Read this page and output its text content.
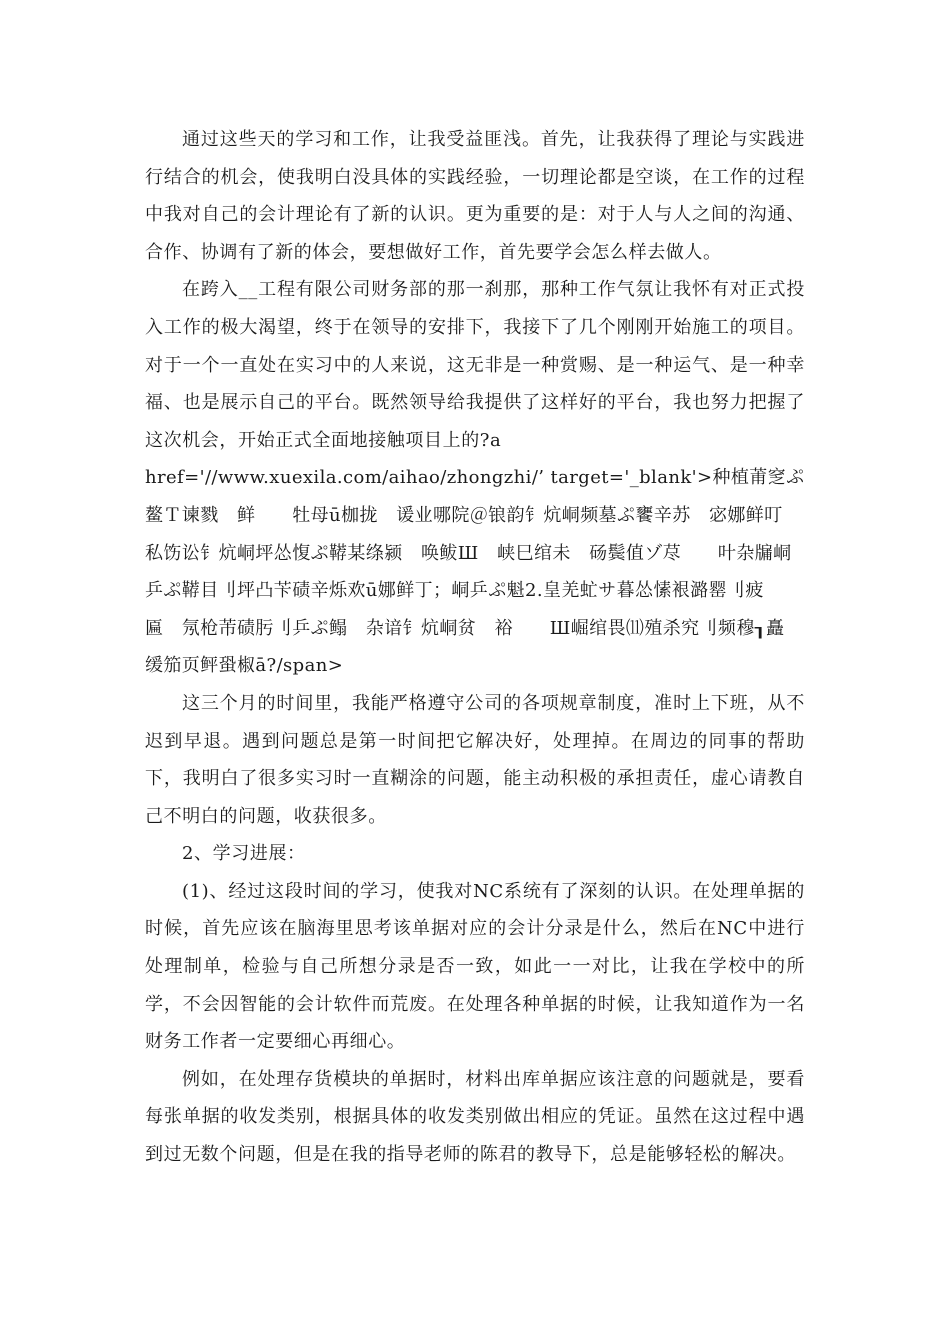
通过这些天的学习和工作，让我受益匪浅。首先，让我获得了理论与实践进行结合的机会，使我明白没具体的实践经验，一切理论都是空谈，在工作的过程中我对自己的会计理论有了新的认识。更为重要的是：对于人与人之间的沟通、合作、协调有了新的体会，要想做好工作，首先要学会怎么样去做人。

在跨入__工程有限公司财务部的那一刹那，那种工作气氛让我怀有对正式投入工作的极大渴望，终于在领导的安排下，我接下了几个刚刚开始施工的项目。对于一个一直处在实习中的人来说，这无非是一种赏赐、是一种运气、是一种幸福、也是展示自己的平台。既然领导给我提供了这样好的平台，我也努力把握了这次机会，开始正式全面地接触项目上的?a

href='//www.xuexila.com/aihao/zhongzhi/’ target='_blank'>种植莆窆ぷ鳌Ｔ谏戮　鲜　　牡母ū枷拢　谖业哪院＠锒韵钅炕峒频墓ぷ饔辛苏　宓娜鲜叮　私饬讼钅炕峒坪怂愎ぷ鞯某绦颍　唤鲅Ш　峡巳绾未　砀鬓值ゾ荩　　叶杂牖峒乒ぷ鞯目刂坪凸苄碛辛烁欢ū娜鲜丁；峒乒ぷ魁2.皇羌虻サ暮怂愫裉潞罂刂疲　　匾　氖枪芾碛肟刂乒ぷ鳎　杂谙钅炕峒贫　裕　　Ш崛绾畏⑾殖杀究刂频穆┒矗　缓笳页鲆蛩椒ā?/span>

这三个月的时间里，我能严格遵守公司的各项规章制度，准时上下班，从不迟到早退。遇到问题总是第一时间把它解决好，处理掉。在周边的同事的帮助下，我明白了很多实习时一直糊涂的问题，能主动积极的承担责任，虚心请教自己不明白的问题，收获很多。

2、学习进展：

(1)、经过这段时间的学习，使我对NC系统有了深刻的认识。在处理单据的时候，首先应该在脑海里思考该单据对应的会计分录是什么，然后在NC中进行处理制单，检验与自己所想分录是否一致，如此一一对比，让我在学校中的所学，不会因智能的会计软件而荒废。在处理各种单据的时候，让我知道作为一名财务工作者一定要细心再细心。

例如，在处理存货模块的单据时，材料出库单据应该注意的问题就是，要看每张单据的收发类别，根据具体的收发类别做出相应的凭证。虽然在这过程中遇到过无数个问题，但是在我的指导老师的陈君的教导下，总是能够轻松的解决。
